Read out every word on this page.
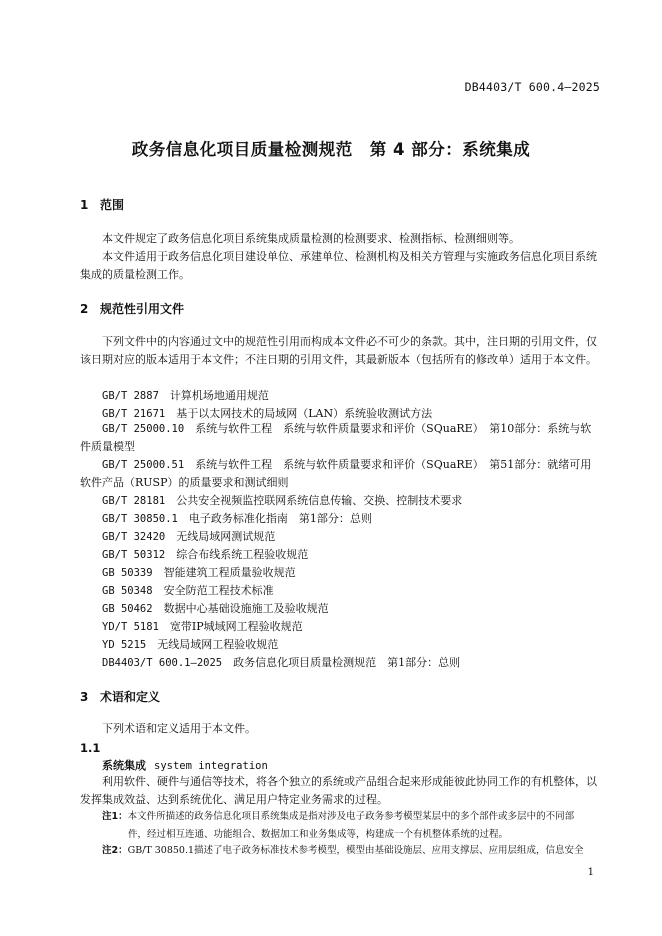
DB4403/T 600.4—2025
政务信息化项目质量检测规范　第 4 部分：系统集成
1 范围
本文件规定了政务信息化项目系统集成质量检测的检测要求、检测指标、检测细则等。
本文件适用于政务信息化项目建设单位、承建单位、检测机构及相关方管理与实施政务信息化项目系统集成的质量检测工作。
2 规范性引用文件
下列文件中的内容通过文中的规范性引用而构成本文件必不可少的条款。其中，注日期的引用文件，仅该日期对应的版本适用于本文件；不注日期的引用文件，其最新版本（包括所有的修改单）适用于本文件。
GB/T 2887　 计算机场地通用规范
GB/T 21671　 基于以太网技术的局域网（LAN）系统验收测试方法
GB/T 25000.10　 系统与软件工程　系统与软件质量要求和评价（SQuaRE）　第10部分：系统与软件质量模型
GB/T 25000.51　 系统与软件工程　系统与软件质量要求和评价（SQuaRE）　第51部分：就绪可用软件产品（RUSP）的质量要求和测试细则
GB/T 28181　 公共安全视频监控联网系统信息传输、交换、控制技术要求
GB/T 30850.1　 电子政务标准化指南　第1部分：总则
GB/T 32420　 无线局域网测试规范
GB/T 50312　 综合布线系统工程验收规范
GB 50339　 智能建筑工程质量验收规范
GB 50348　 安全防范工程技术标准
GB 50462　 数据中心基础设施施工及验收规范
YD/T 5181　 宽带IP城域网工程验收规范
YD 5215　 无线局域网工程验收规范
DB4403/T 600.1—2025　 政务信息化项目质量检测规范　第1部分：总则
3 术语和定义
下列术语和定义适用于本文件。
1.1
系统集成 system integration
利用软件、硬件与通信等技术，将各个独立的系统或产品组合起来形成能彼此协同工作的有机整体，以发挥集成效益、达到系统优化、满足用户特定业务需求的过程。
注1：本文件所描述的政务信息化项目系统集成是指对涉及电子政务参考模型某层中的多个部件或多层中的不同部
件，经过相互连通、功能组合、数据加工和业务集成等，构建成一个有机整体系统的过程。
注2：GB/T 30850.1描述了电子政务标准技术参考模型，模型由基础设施层、应用支撑层、应用层组成，信息安全
1
